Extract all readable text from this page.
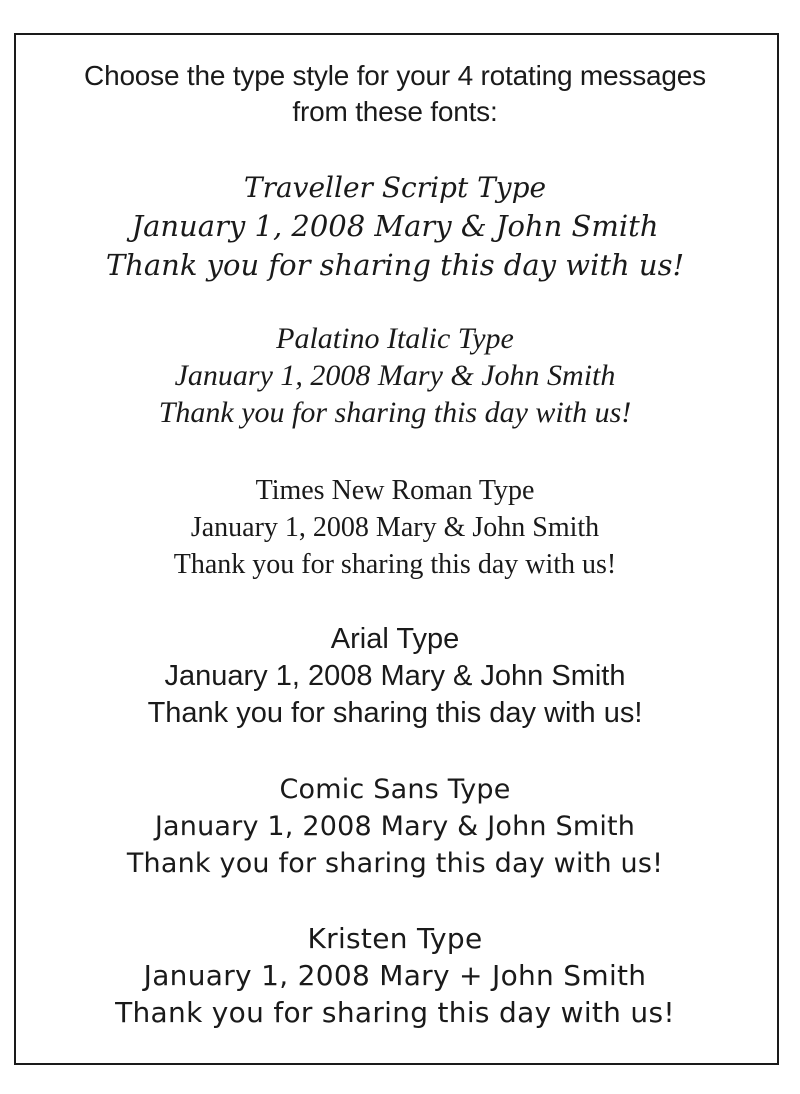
Choose the type style for your 4 rotating messages
from these fonts:
Traveller Script Type
January 1, 2008 Mary & John Smith
Thank you for sharing this day with us!
Palatino Italic Type
January 1, 2008 Mary & John Smith
Thank you for sharing this day with us!
Times New Roman Type
January 1, 2008 Mary & John Smith
Thank you for sharing this day with us!
Arial Type
January 1, 2008 Mary & John Smith
Thank you for sharing this day with us!
Comic Sans Type
January 1, 2008 Mary & John Smith
Thank you for sharing this day with us!
Kristen Type
January 1, 2008 Mary + John Smith
Thank you for sharing this day with us!
